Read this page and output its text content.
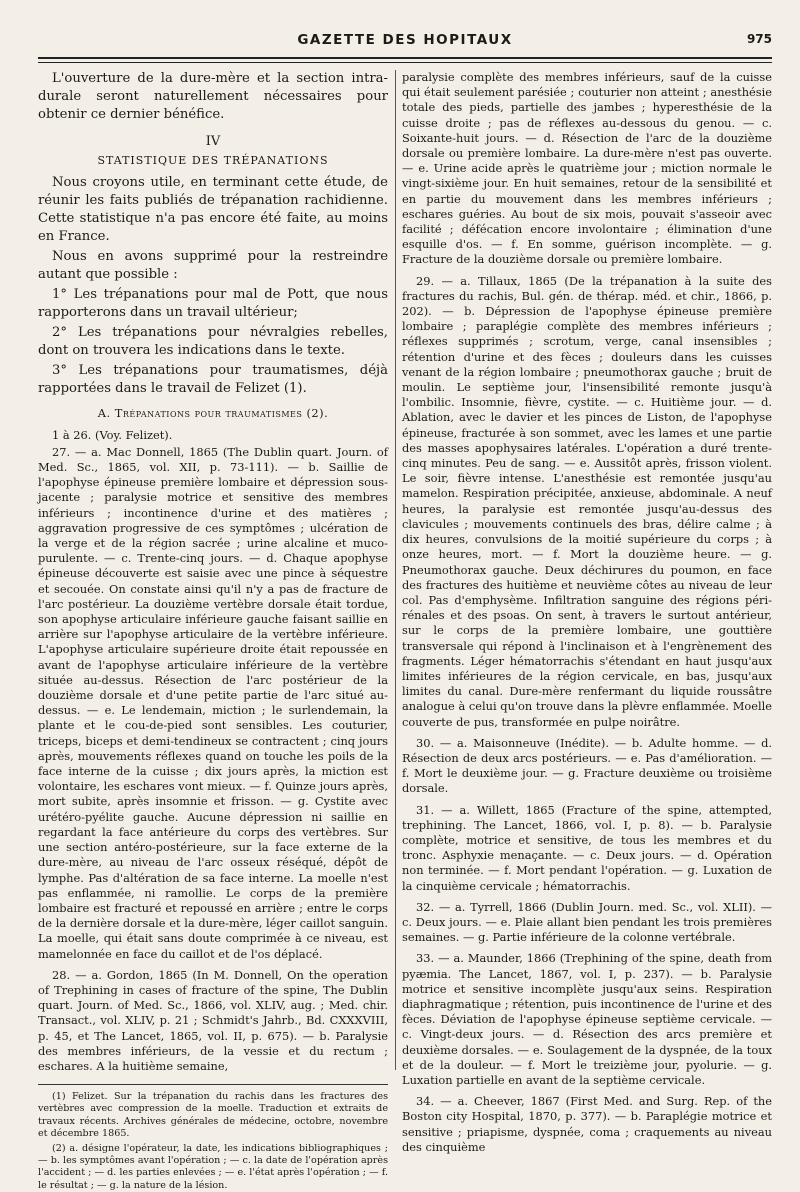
GAZETTE DES HOPITAUX	975

L'ouverture de la dure-mère et la section intra-durale seront naturellement nécessaires pour obtenir ce dernier bénéfice.

IV
STATISTIQUE DES TRÉPANATIONS

Nous croyons utile, en terminant cette étude, de réunir les faits publiés de trépanation rachidienne. Cette statistique n'a pas encore été faite, au moins en France.

Nous en avons supprimé pour la restreindre autant que possible :

1° Les trépanations pour mal de Pott, que nous rapporterons dans un travail ultérieur;

2° Les trépanations pour névralgies rebelles, dont on trouvera les indications dans le texte.

3° Les trépanations pour traumatismes, déjà rapportées dans le travail de Felizet (1).

A. Trépanations pour traumatismes (2).

1 à 26. (Voy. Felizet).

27. — a. Mac Donnell, 1865 (The Dublin quart. Journ. of Med. Sc., 1865, vol. XII, p. 73-111). — b. Saillie de l'apophyse épineuse première lombaire et dépression sous-jacente ; paralysie motrice et sensitive des membres inférieurs ; incontinence d'urine et des matières ; aggravation progressive de ces symptômes ; ulcération de la verge et de la région sacrée ; urine alcaline et muco-purulente. — c. Trente-cinq jours. — d. Chaque apophyse épineuse découverte est saisie avec une pince à séquestre et secouée. On constate ainsi qu'il n'y a pas de fracture de l'arc postérieur. La douzième vertèbre dorsale était tordue, son apophyse articulaire inférieure gauche faisant saillie en arrière sur l'apophyse articulaire de la vertèbre inférieure. L'apophyse articulaire supérieure droite était repoussée en avant de l'apophyse articulaire inférieure de la vertèbre située au-dessus. Résection de l'arc postérieur de la douzième dorsale et d'une petite partie de l'arc situé au-dessus. — e. Le lendemain, miction ; le surlendemain, la plante et le cou-de-pied sont sensibles. Les couturier, triceps, biceps et demi-tendineux se contractent ; cinq jours après, mouvements réflexes quand on touche les poils de la face interne de la cuisse ; dix jours après, la miction est volontaire, les eschares vont mieux. — f. Quinze jours après, mort subite, après insomnie et frisson. — g. Cystite avec urétéro-pyélite gauche. Aucune dépression ni saillie en regardant la face antérieure du corps des vertèbres. Sur une section antéro-postérieure, sur la face externe de la dure-mère, au niveau de l'arc osseux réséqué, dépôt de lymphe. Pas d'altération de sa face interne. La moelle n'est pas enflammée, ni ramollie. Le corps de la première lombaire est fracturé et repoussé en arrière ; entre le corps de la dernière dorsale et la dure-mère, léger caillot sanguin. La moelle, qui était sans doute comprimée à ce niveau, est mamelonnée en face du caillot et de l'os déplacé.

28. — a. Gordon, 1865 (In M. Donnell, On the operation of Trephining in cases of fracture of the spine, The Dublin quart. Journ. of Med. Sc., 1866, vol. XLIV, aug. ; Med. chir. Transact., vol. XLIV, p. 21 ; Schmidt's Jahrb., Bd. CXXXVIII, p. 45, et The Lancet, 1865, vol. II, p. 675). — b. Paralysie des membres inférieurs, de la vessie et du rectum ; eschares. A la huitième semaine,

(1) Felizet. Sur la trépanation du rachis dans les fractures des vertèbres avec compression de la moelle. Traduction et extraits de travaux récents. Archives générales de médecine, octobre, novembre et décembre 1865.

(2) a. désigne l'opérateur, la date, les indications bibliographiques ; — b. les symptômes avant l'opération ; — c. la date de l'opération après l'accident ; — d. les parties enlevées ; — e. l'état après l'opération ; — f. le résultat ; — g. la nature de la lésion.

paralysie complète des membres inférieurs, sauf de la cuisse qui était seulement parésiée ; couturier non atteint ; anesthésie totale des pieds, partielle des jambes ; hyperesthésie de la cuisse droite ; pas de réflexes au-dessous du genou. — c. Soixante-huit jours. — d. Résection de l'arc de la douzième dorsale ou première lombaire. La dure-mère n'est pas ouverte. — e. Urine acide après le quatrième jour ; miction normale le vingt-sixième jour. En huit semaines, retour de la sensibilité et en partie du mouvement dans les membres inférieurs ; eschares guéries. Au bout de six mois, pouvait s'asseoir avec facilité ; défécation encore involontaire ; élimination d'une esquille d'os. — f. En somme, guérison incomplète. — g. Fracture de la douzième dorsale ou première lombaire.

29. — a. Tillaux, 1865 (De la trépanation à la suite des fractures du rachis, Bul. gén. de thérap. méd. et chir., 1866, p. 202). — b. Dépression de l'apophyse épineuse première lombaire ; paraplégie complète des membres inférieurs ; réflexes supprimés ; scrotum, verge, canal insensibles ; rétention d'urine et des fèces ; douleurs dans les cuisses venant de la région lombaire ; pneumothorax gauche ; bruit de moulin. Le septième jour, l'insensibilité remonte jusqu'à l'ombilic. Insomnie, fièvre, cystite. — c. Huitième jour. — d. Ablation, avec le davier et les pinces de Liston, de l'apophyse épineuse, fracturée à son sommet, avec les lames et une partie des masses apophysaires latérales. L'opération a duré trente-cinq minutes. Peu de sang. — e. Aussitôt après, frisson violent. Le soir, fièvre intense. L'anesthésie est remontée jusqu'au mamelon. Respiration précipitée, anxieuse, abdominale. A neuf heures, la paralysie est remontée jusqu'au-dessus des clavicules ; mouvements continuels des bras, délire calme ; à dix heures, convulsions de la moitié supérieure du corps ; à onze heures, mort. — f. Mort la douzième heure. — g. Pneumothorax gauche. Deux déchirures du poumon, en face des fractures des huitième et neuvième côtes au niveau de leur col. Pas d'emphysème. Infiltration sanguine des régions péri-rénales et des psoas. On sent, à travers le surtout antérieur, sur le corps de la première lombaire, une gouttière transversale qui répond à l'inclinaison et à l'engrènement des fragments. Léger hématorrachis s'étendant en haut jusqu'aux limites inférieures de la région cervicale, en bas, jusqu'aux limites du canal. Dure-mère renfermant du liquide roussâtre analogue à celui qu'on trouve dans la plèvre enflammée. Moelle couverte de pus, transformée en pulpe noirâtre.

30. — a. Maisonneuve (Inédite). — b. Adulte homme. — d. Résection de deux arcs postérieurs. — e. Pas d'amélioration. — f. Mort le deuxième jour. — g. Fracture deuxième ou troisième dorsale.

31. — a. Willett, 1865 (Fracture of the spine, attempted, trephining. The Lancet, 1866, vol. I, p. 8). — b. Paralysie complète, motrice et sensitive, de tous les membres et du tronc. Asphyxie menaçante. — c. Deux jours. — d. Opération non terminée. — f. Mort pendant l'opération. — g. Luxation de la cinquième cervicale ; hématorrachis.

32. — a. Tyrrell, 1866 (Dublin Journ. med. Sc., vol. XLII). — c. Deux jours. — e. Plaie allant bien pendant les trois premières semaines. — g. Partie inférieure de la colonne vertébrale.

33. — a. Maunder, 1866 (Trephining of the spine, death from pyæmia. The Lancet, 1867, vol. I, p. 237). — b. Paralysie motrice et sensitive incomplète jusqu'aux seins. Respiration diaphragmatique ; rétention, puis incontinence de l'urine et des fèces. Déviation de l'apophyse épineuse septième cervicale. — c. Vingt-deux jours. — d. Résection des arcs première et deuxième dorsales. — e. Soulagement de la dyspnée, de la toux et de la douleur. — f. Mort le treizième jour, pyolurie. — g. Luxation partielle en avant de la septième cervicale.

34. — a. Cheever, 1867 (First Med. and Surg. Rep. of the Boston city Hospital, 1870, p. 377). — b. Paraplégie motrice et sensitive ; priapisme, dyspnée, coma ; craquements au niveau des cinquième
